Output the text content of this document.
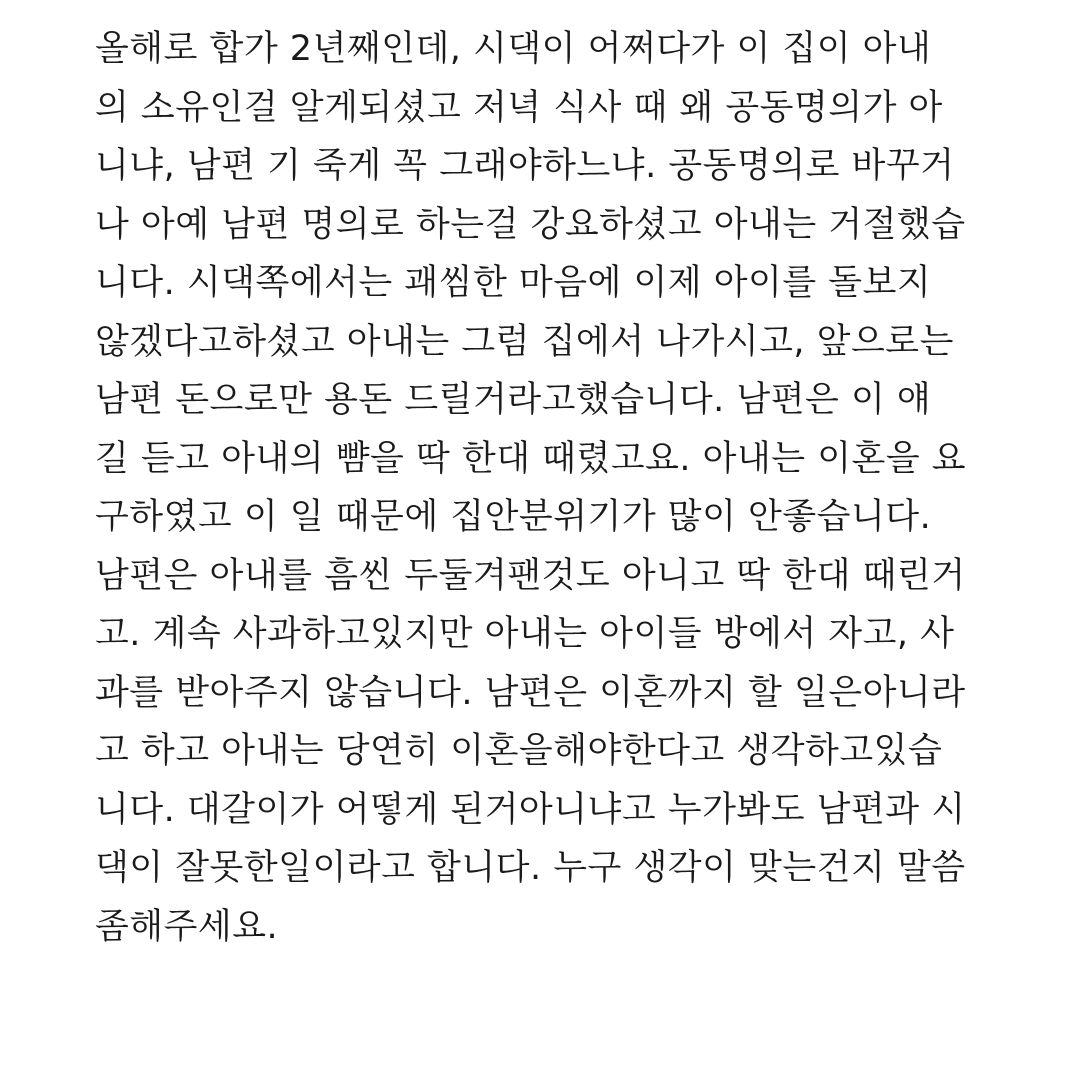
올해로 합가 2년째인데, 시댁이 어쩌다가 이 집이 아내
의 소유인걸 알게되셨고 저녁 식사 때 왜 공동명의가 아
니냐, 남편 기 죽게 꼭 그래야하느냐. 공동명의로 바꾸거
나 아예 남편 명의로 하는걸 강요하셨고 아내는 거절했습
니다. 시댁쪽에서는 괘씸한 마음에 이제 아이를 돌보지
않겠다고하셨고 아내는 그럼 집에서 나가시고, 앞으로는
남편 돈으로만 용돈 드릴거라고했습니다. 남편은 이 얘
길 듣고 아내의 뺨을 딱 한대 때렸고요. 아내는 이혼을 요
구하였고 이 일 때문에 집안분위기가 많이 안좋습니다.
남편은 아내를 흠씬 두둘겨팬것도 아니고 딱 한대 때린거
고. 계속 사과하고있지만 아내는 아이들 방에서 자고, 사
과를 받아주지 않습니다. 남편은 이혼까지 할 일은아니라
고 하고 아내는 당연히 이혼을해야한다고 생각하고있습
니다. 대갈이가 어떻게 된거아니냐고 누가봐도 남편과 시
댁이 잘못한일이라고 합니다. 누구 생각이 맞는건지 말씀
좀해주세요.
